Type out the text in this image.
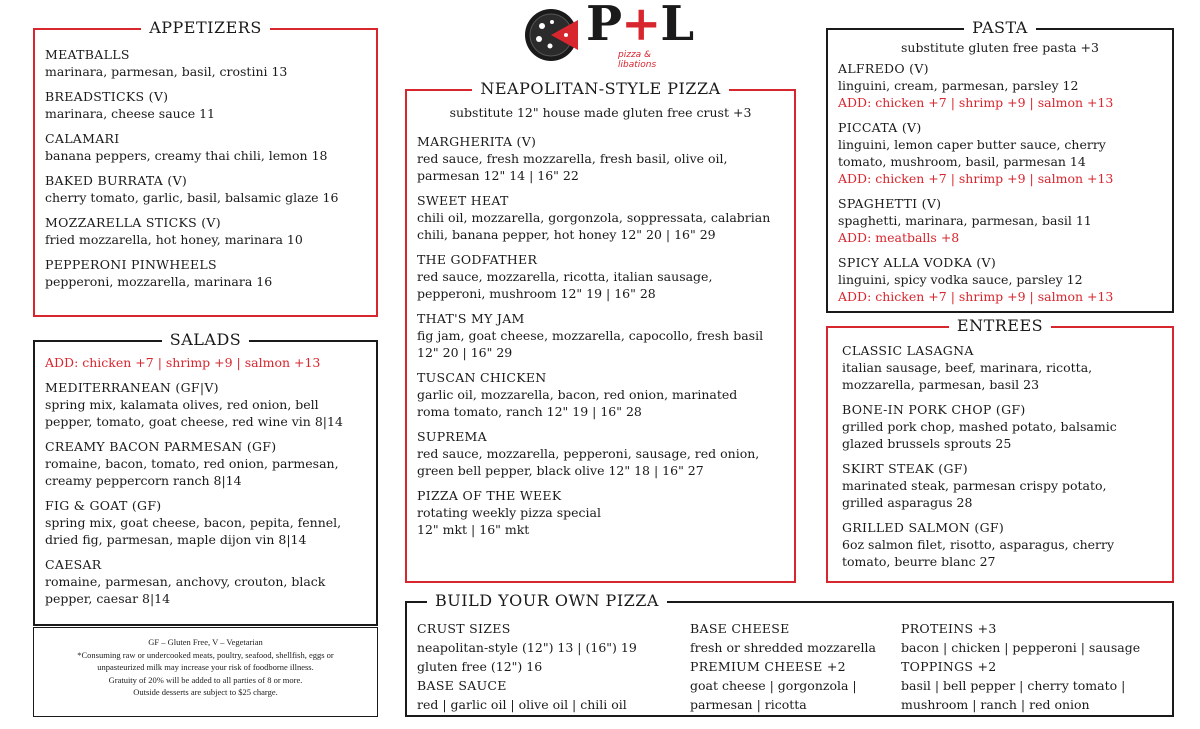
P+L
pizza & libations
APPETIZERS
MEATBALLS
marinara, parmesan, basil, crostini 13
BREADSTICKS (V)
marinara, cheese sauce 11
CALAMARI
banana peppers, creamy thai chili, lemon 18
BAKED BURRATA (V)
cherry tomato, garlic, basil, balsamic glaze 16
MOZZARELLA STICKS (V)
fried mozzarella, hot honey, marinara 10
PEPPERONI PINWHEELS
pepperoni, mozzarella, marinara 16
SALADS
ADD: chicken +7 | shrimp +9 | salmon +13
MEDITERRANEAN (GF|V)
spring mix, kalamata olives, red onion, bell
pepper, tomato, goat cheese, red wine vin 8|14
CREAMY BACON PARMESAN (GF)
romaine, bacon, tomato, red onion, parmesan,
creamy peppercorn ranch 8|14
FIG & GOAT (GF)
spring mix, goat cheese, bacon, pepita, fennel,
dried fig, parmesan, maple dijon vin 8|14
CAESAR
romaine, parmesan, anchovy, crouton, black
pepper, caesar 8|14
GF – Gluten Free, V – Vegetarian
*Consuming raw or undercooked meats, poultry, seafood, shellfish, eggs or
unpasteurized milk may increase your risk of foodborne illness.
Gratuity of 20% will be added to all parties of 8 or more.
Outside desserts are subject to $25 charge.
NEAPOLITAN-STYLE PIZZA
substitute 12" house made gluten free crust +3
MARGHERITA (V)
red sauce, fresh mozzarella, fresh basil, olive oil,
parmesan 12" 14 | 16" 22
SWEET HEAT
chili oil, mozzarella, gorgonzola, soppressata, calabrian
chili, banana pepper, hot honey 12" 20 | 16" 29
THE GODFATHER
red sauce, mozzarella, ricotta, italian sausage,
pepperoni, mushroom 12" 19 | 16" 28
THAT'S MY JAM
fig jam, goat cheese, mozzarella, capocollo, fresh basil
12" 20 | 16" 29
TUSCAN CHICKEN
garlic oil, mozzarella, bacon, red onion, marinated
roma tomato, ranch 12" 19 | 16" 28
SUPREMA
red sauce, mozzarella, pepperoni, sausage, red onion,
green bell pepper, black olive 12" 18 | 16" 27
PIZZA OF THE WEEK
rotating weekly pizza special
12" mkt | 16" mkt
PASTA
substitute gluten free pasta +3
ALFREDO (V)
linguini, cream, parmesan, parsley 12
ADD: chicken +7 | shrimp +9 | salmon +13
PICCATA (V)
linguini, lemon caper butter sauce, cherry
tomato, mushroom, basil, parmesan 14
ADD: chicken +7 | shrimp +9 | salmon +13
SPAGHETTI (V)
spaghetti, marinara, parmesan, basil 11
ADD: meatballs +8
SPICY ALLA VODKA (V)
linguini, spicy vodka sauce, parsley 12
ADD: chicken +7 | shrimp +9 | salmon +13
ENTREES
CLASSIC LASAGNA
italian sausage, beef, marinara, ricotta,
mozzarella, parmesan, basil 23
BONE-IN PORK CHOP (GF)
grilled pork chop, mashed potato, balsamic
glazed brussels sprouts 25
SKIRT STEAK (GF)
marinated steak, parmesan crispy potato,
grilled asparagus 28
GRILLED SALMON (GF)
6oz salmon filet, risotto, asparagus, cherry
tomato, beurre blanc 27
BUILD YOUR OWN PIZZA
CRUST SIZES
neapolitan-style (12") 13 | (16") 19
gluten free (12") 16
BASE SAUCE
red | garlic oil | olive oil | chili oil
BASE CHEESE
fresh or shredded mozzarella
PREMIUM CHEESE +2
goat cheese | gorgonzola |
parmesan | ricotta
PROTEINS +3
bacon | chicken | pepperoni | sausage
TOPPINGS +2
basil | bell pepper | cherry tomato |
mushroom | ranch | red onion
